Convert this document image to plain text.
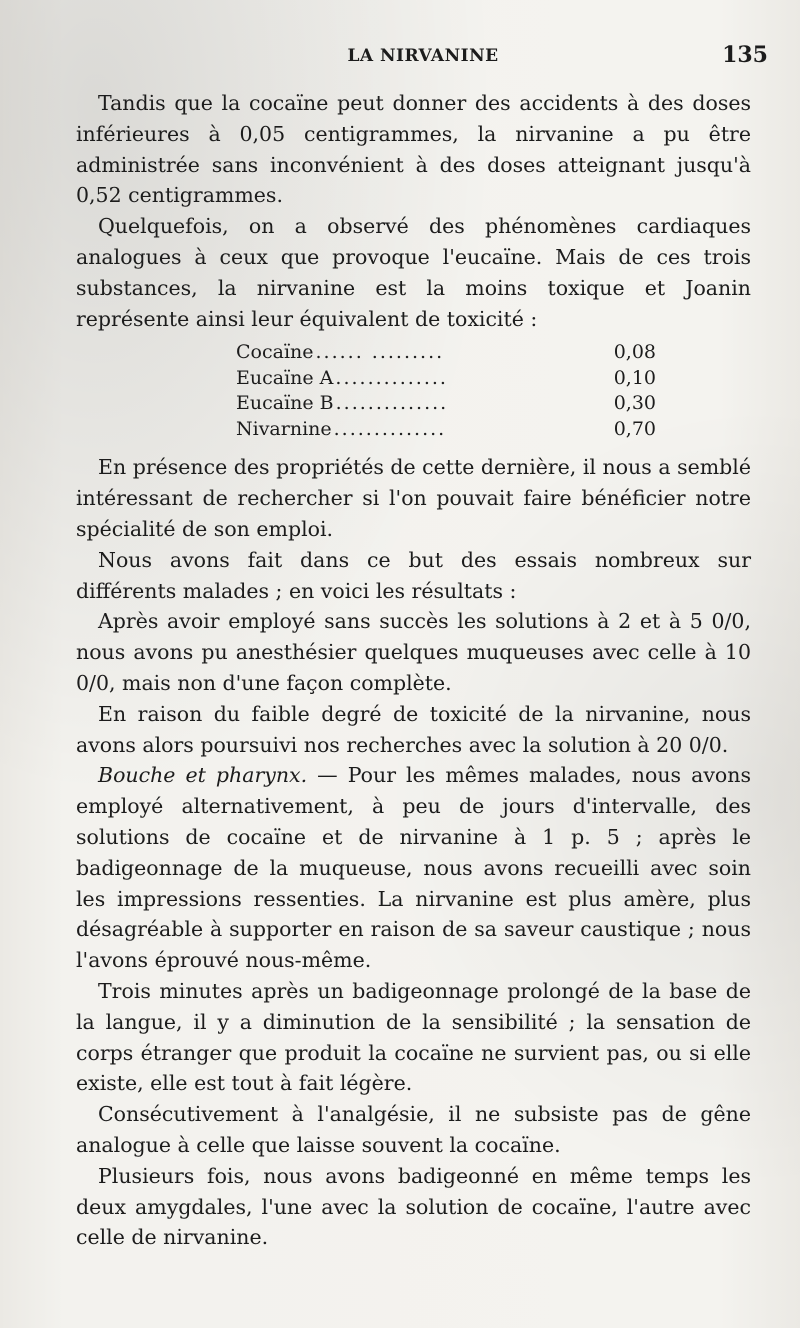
LA NIRVANINE	135

Tandis que la cocaïne peut donner des accidents à des doses inférieures à 0,05 centigrammes, la nirvanine a pu être administrée sans inconvénient à des doses atteignant jusqu'à 0,52 centigrammes.

Quelquefois, on a observé des phénomènes cardiaques analogues à ceux que provoque l'eucaïne. Mais de ces trois substances, la nirvanine est la moins toxique et Joanin représente ainsi leur équivalent de toxicité :

Cocaïne ...... .........	0,08
Eucaïne A ..............	0,10
Eucaïne B ..............	0,30
Nivarnine ..............	0,70

En présence des propriétés de cette dernière, il nous a semblé intéressant de rechercher si l'on pouvait faire bénéficier notre spécialité de son emploi.

Nous avons fait dans ce but des essais nombreux sur différents malades ; en voici les résultats :

Après avoir employé sans succès les solutions à 2 et à 5 0/0, nous avons pu anesthésier quelques muqueuses avec celle à 10 0/0, mais non d'une façon complète.

En raison du faible degré de toxicité de la nirvanine, nous avons alors poursuivi nos recherches avec la solution à 20 0/0.

Bouche et pharynx. — Pour les mêmes malades, nous avons employé alternativement, à peu de jours d'intervalle, des solutions de cocaïne et de nirvanine à 1 p. 5 ; après le badigeonnage de la muqueuse, nous avons recueilli avec soin les impressions ressenties. La nirvanine est plus amère, plus désagréable à supporter en raison de sa saveur caustique ; nous l'avons éprouvé nous-même.

Trois minutes après un badigeonnage prolongé de la base de la langue, il y a diminution de la sensibilité ; la sensation de corps étranger que produit la cocaïne ne survient pas, ou si elle existe, elle est tout à fait légère.

Consécutivement à l'analgésie, il ne subsiste pas de gêne analogue à celle que laisse souvent la cocaïne.

Plusieurs fois, nous avons badigeonné en même temps les deux amygdales, l'une avec la solution de cocaïne, l'autre avec celle de nirvanine.
